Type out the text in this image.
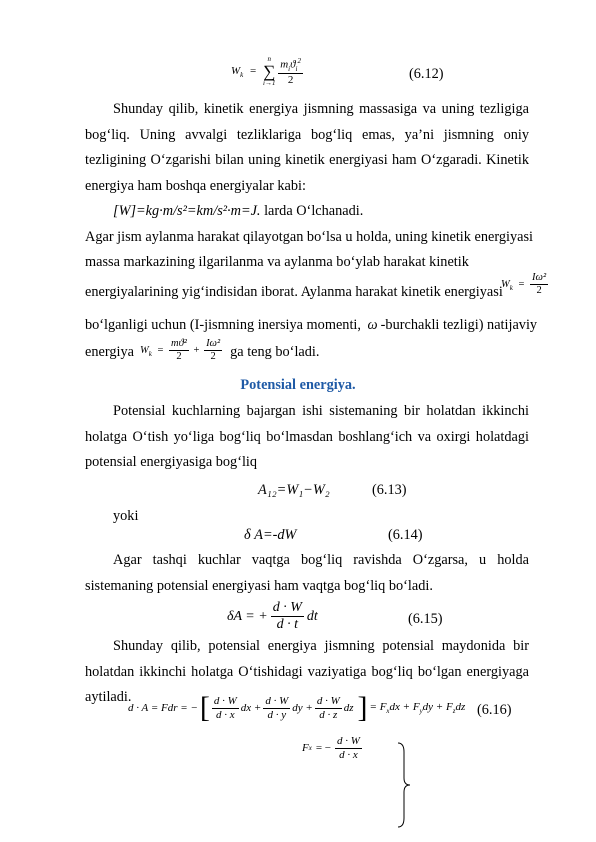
$W_k$ =
n
∑
i→1
$\frac{m_iϑ_i^2}{2}$	(6.12)

Shunday qilib, kinetik energiya jismning massasiga va uning tezligiga bog‘liq. Uning avvalgi tezliklariga bog‘liq emas, ya’ni jismning oniy tezligining O‘zgarishi bilan uning kinetik energiyasi ham O‘zgaradi. Kinetik energiya ham boshqa energiyalar kabi:

[W]=kg·m/s²=km/s²·m=J. larda O‘lchanadi.

Agar jism aylanma harakat qilayotgan bo‘lsa u holda, uning kinetik energiyasi
massa markazining ilgarilanma va aylanma bo‘ylab harakat kinetik
energiyalarining yig‘indisidan iborat. Aylanma harakat kinetik energiyasi
$W_k = \frac{\text{Iω²}}{2}$
bo‘lganligi uchun (I-jismning inersiya momenti, ω -burchakli tezligi) natijaviy
energiya $W_k = \frac{\text{mϑ²}}{2} + \frac{\text{Iω²}}{2}$ ga teng bo‘ladi.
Potensial energiya.

Potensial kuchlarning bajargan ishi sistemaning bir holatdan ikkinchi holatga O‘tish yo‘liga bog‘liq bo‘lmasdan boshlang‘ich va oxirgi holatdagi potensial energiyasiga bog‘liq

A₁₂=W₁−W₂	(6.13)
yoki
δ A=-dW	(6.14)

Agar tashqi kuchlar vaqtga bog‘liq ravishda O‘zgarsa, u holda sistemaning potensial energiyasi ham vaqtga bog‘liq bo‘ladi.

δA = + $\frac{d \cdot W}{d \cdot t}$ dt	(6.15)

Shunday qilib, potensial energiya jismning potensial maydonida bir holatdan ikkinchi holatga O‘tishidagi vaziyatiga bog‘liq bo‘lgan energiyaga aytiladi.

d · A = Fdr = − [ $\frac{d \cdot W}{d \cdot x}$ dx + $\frac{d \cdot W}{d \cdot y}$ dy + $\frac{d \cdot W}{d \cdot z}$ dz ] = $F_xdx + F_ydy + F_zdz$ (6.16)
F x = − $\frac{d \cdot W}{d \cdot x}$
